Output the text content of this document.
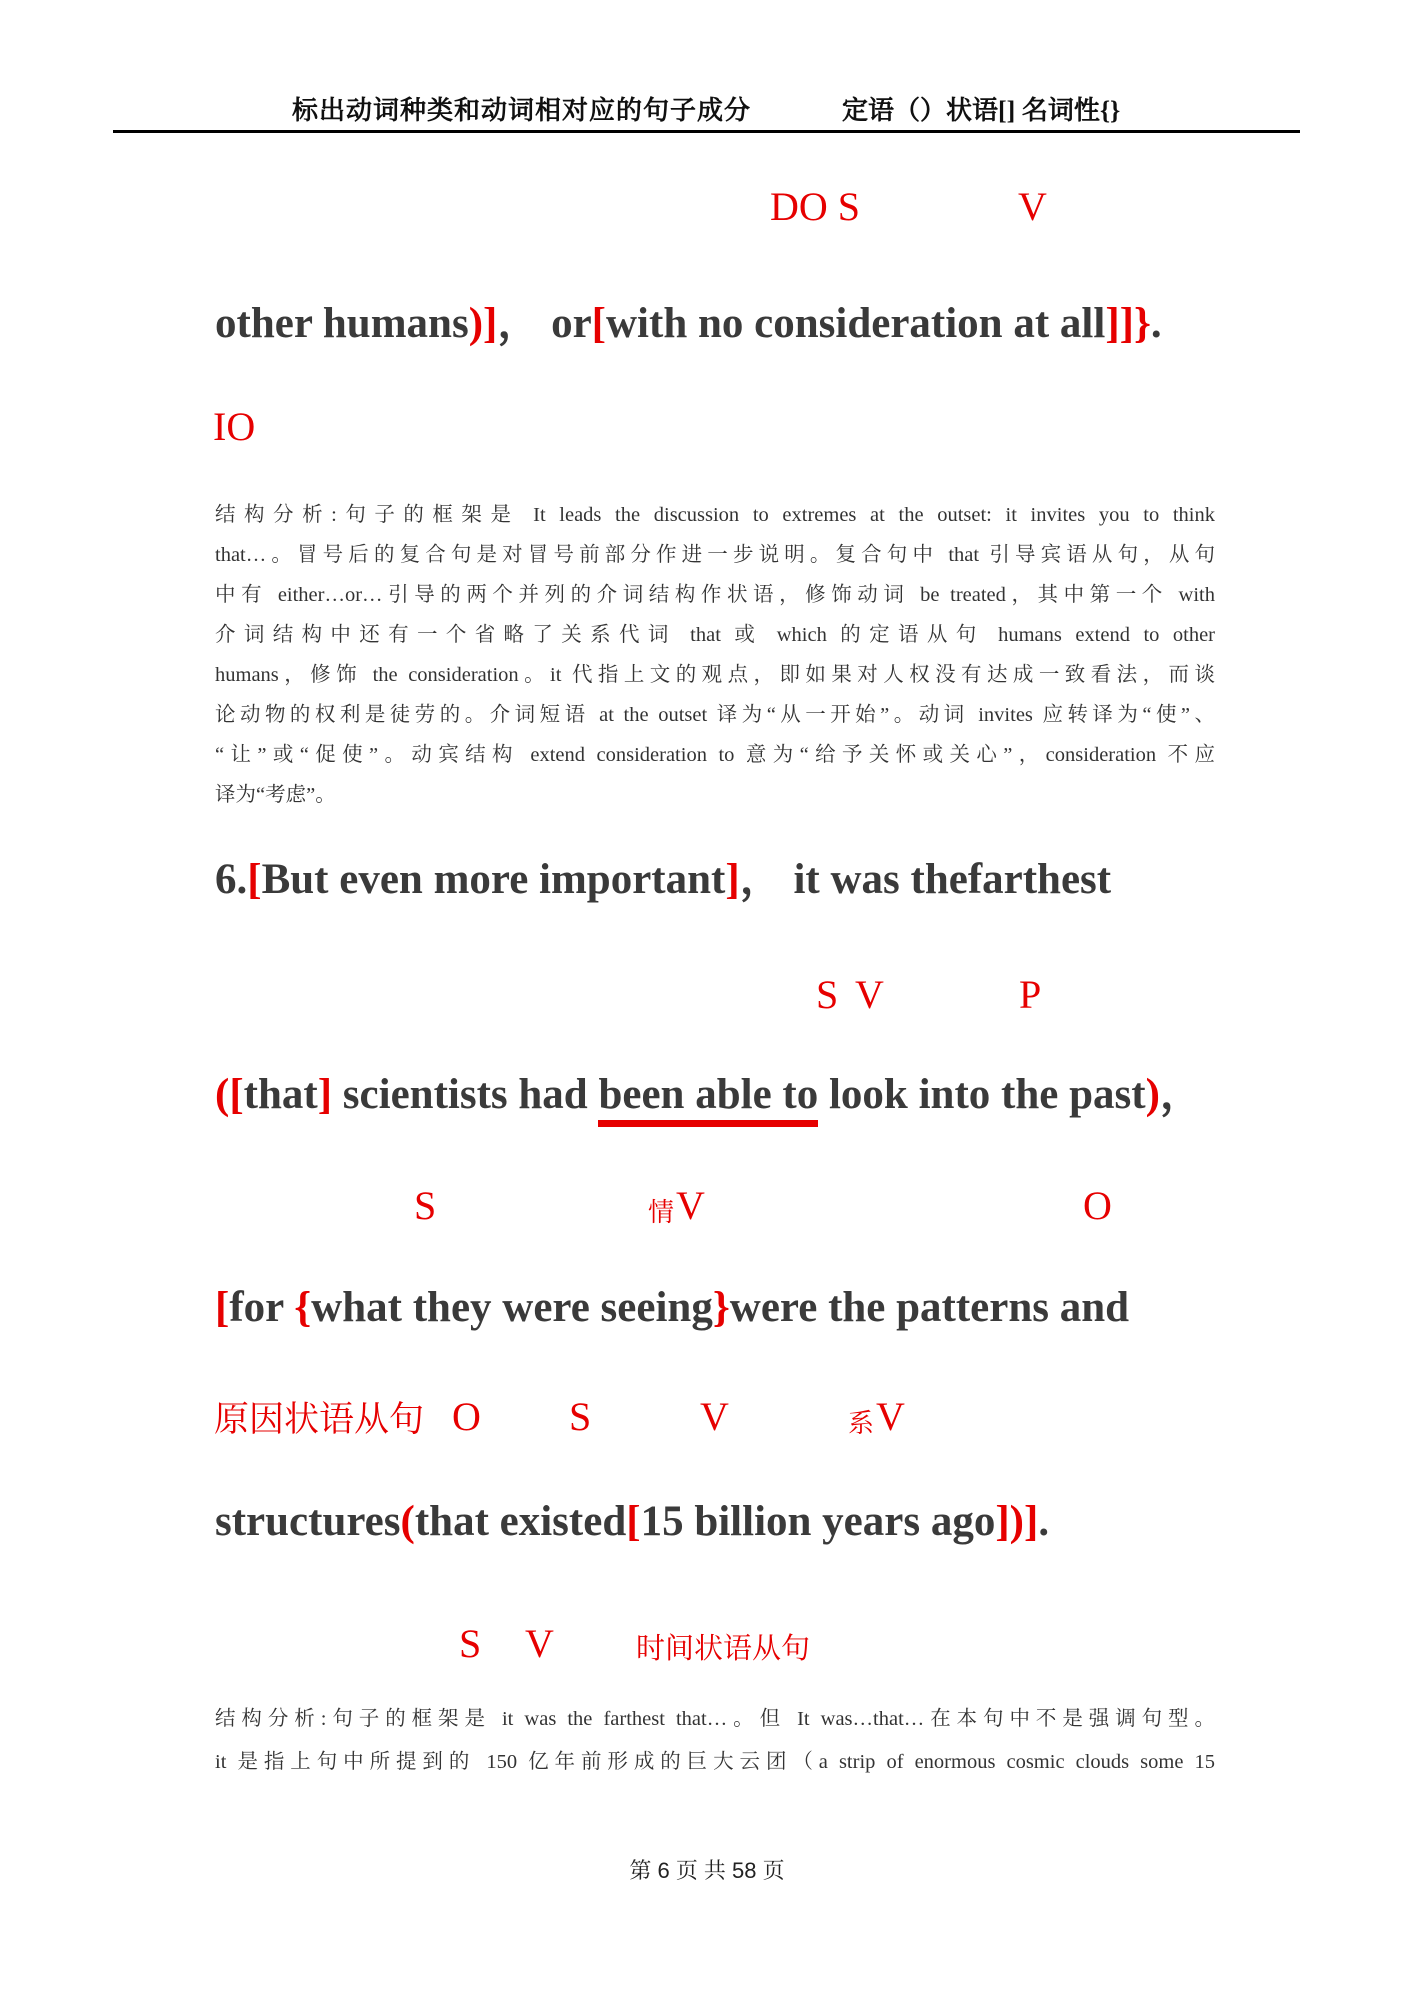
标出动词种类和动词相对应的句子成分	定语（）状语[] 名词性{}
DO S	V
other humans)]， or[with no consideration at all]]}.
IO
结构分析:句子的框架是 It leads the discussion to extremes at the outset: it invites you to think
that…。冒号后的复合句是对冒号前部分作进一步说明。复合句中 that 引导宾语从句，从句
中有 either…or…引导的两个并列的介词结构作状语，修饰动词 be treated，其中第一个 with
介词结构中还有一个省略了关系代词 that 或 which 的定语从句 humans extend to other
humans，修饰 the consideration。it 代指上文的观点，即如果对人权没有达成一致看法，而谈
论动物的权利是徒劳的。介词短语 at the outset 译为“从一开始”。动词 invites 应转译为“使”、
“让”或“促使”。动宾结构 extend consideration to 意为“给予关怀或关心”，consideration 不应
译为“考虑”。
6.[But even more important]， it was thefarthest
S V	P
([that] scientists had been able to look into the past)，
S	情 V	O
[for {what they were seeing}were the patterns and
原因状语从句 O S	V	系 V
structures(that existed[15 billion years ago])].
S V	时间状语从句
结构分析:句子的框架是 it was the farthest that…。但 It was…that…在本句中不是强调句型。
it 是指上句中所提到的 150 亿年前形成的巨大云团（a strip of enormous cosmic clouds some 15
第 6 页 共 58 页
